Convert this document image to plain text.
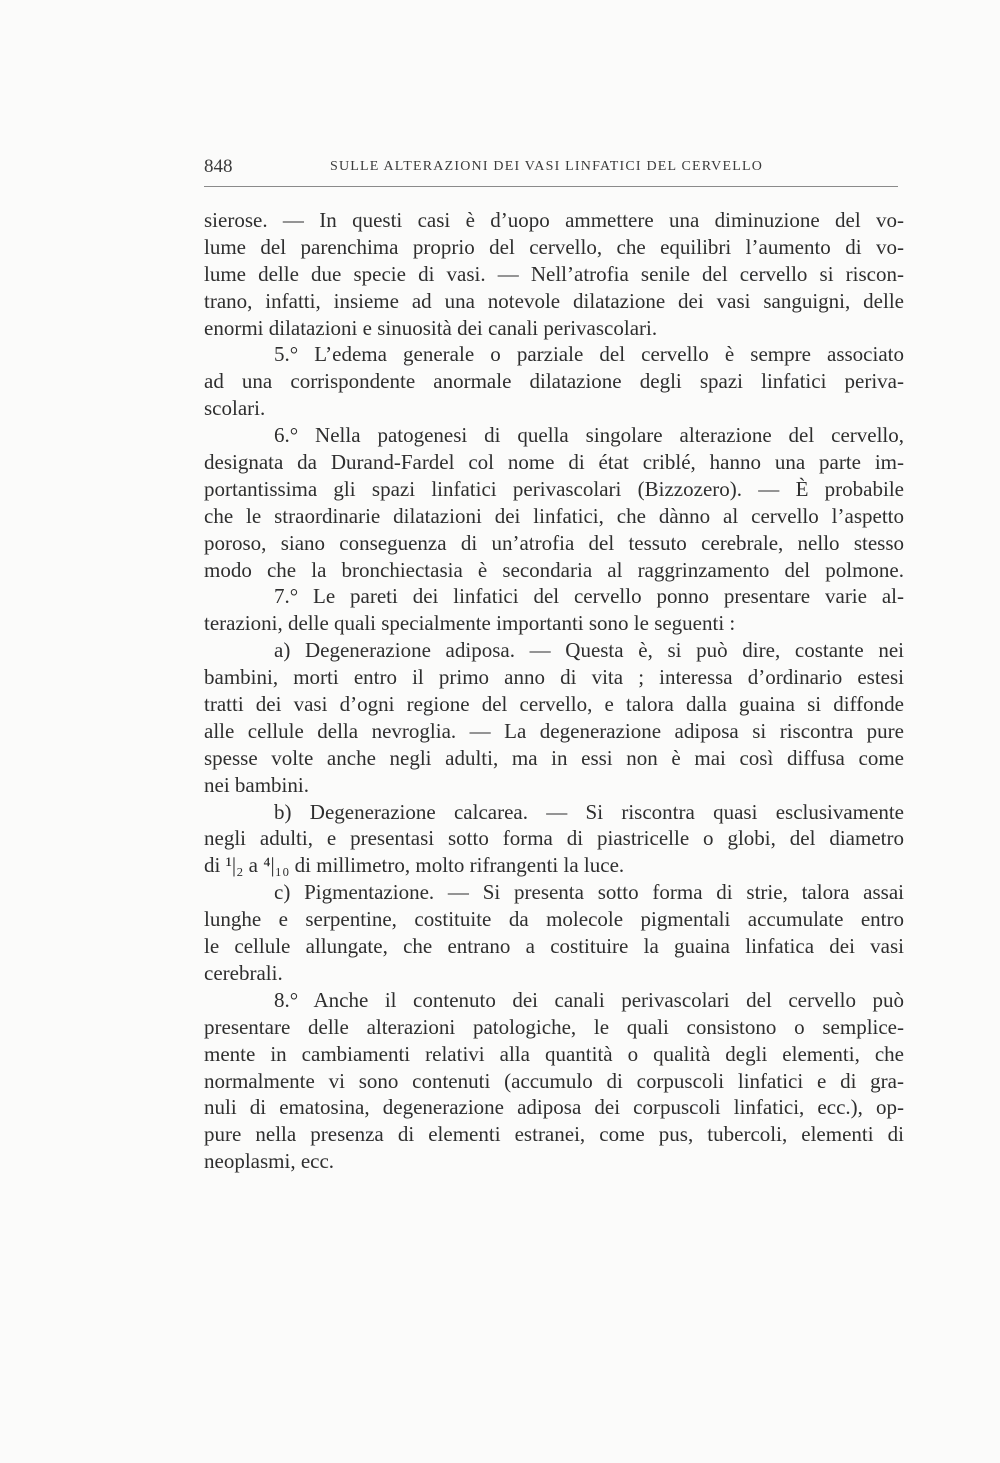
848	SULLE ALTERAZIONI DEI VASI LINFATICI DEL CERVELLO
sierose. — In questi casi è d’uopo ammettere una diminuzione del vo-
lume del parenchima proprio del cervello, che equilibri l’aumento di vo-
lume delle due specie di vasi. — Nell’atrofia senile del cervello si riscon-
trano, infatti, insieme ad una notevole dilatazione dei vasi sanguigni, delle
enormi dilatazioni e sinuosità dei canali perivascolari.
5.° L’edema generale o parziale del cervello è sempre associato
ad una corrispondente anormale dilatazione degli spazi linfatici periva-
scolari.
6.° Nella patogenesi di quella singolare alterazione del cervello,
designata da Durand-Fardel col nome di état criblé, hanno una parte im-
portantissima gli spazi linfatici perivascolari (Bizzozero). — È probabile
che le straordinarie dilatazioni dei linfatici, che dànno al cervello l’aspetto
poroso, siano conseguenza di un’atrofia del tessuto cerebrale, nello stesso
modo che la bronchiectasia è secondaria al raggrinzamento del polmone.
7.° Le pareti dei linfatici del cervello ponno presentare varie al-
terazioni, delle quali specialmente importanti sono le seguenti :
a) Degenerazione adiposa. — Questa è, si può dire, costante nei
bambini, morti entro il primo anno di vita ; interessa d’ordinario estesi
tratti dei vasi d’ogni regione del cervello, e talora dalla guaina si diffonde
alle cellule della nevroglia. — La degenerazione adiposa si riscontra pure
spesse volte anche negli adulti, ma in essi non è mai così diffusa come
nei bambini.
b) Degenerazione calcarea. — Si riscontra quasi esclusivamente
negli adulti, e presentasi sotto forma di piastricelle o globi, del diametro
di ¹|₂ a ⁴|₁₀ di millimetro, molto rifrangenti la luce.
c) Pigmentazione. — Si presenta sotto forma di strie, talora assai
lunghe e serpentine, costituite da molecole pigmentali accumulate entro
le cellule allungate, che entrano a costituire la guaina linfatica dei vasi
cerebrali.
8.° Anche il contenuto dei canali perivascolari del cervello può
presentare delle alterazioni patologiche, le quali consistono o semplice-
mente in cambiamenti relativi alla quantità o qualità degli elementi, che
normalmente vi sono contenuti (accumulo di corpuscoli linfatici e di gra-
nuli di ematosina, degenerazione adiposa dei corpuscoli linfatici, ecc.), op-
pure nella presenza di elementi estranei, come pus, tubercoli, elementi di
neoplasmi, ecc.
